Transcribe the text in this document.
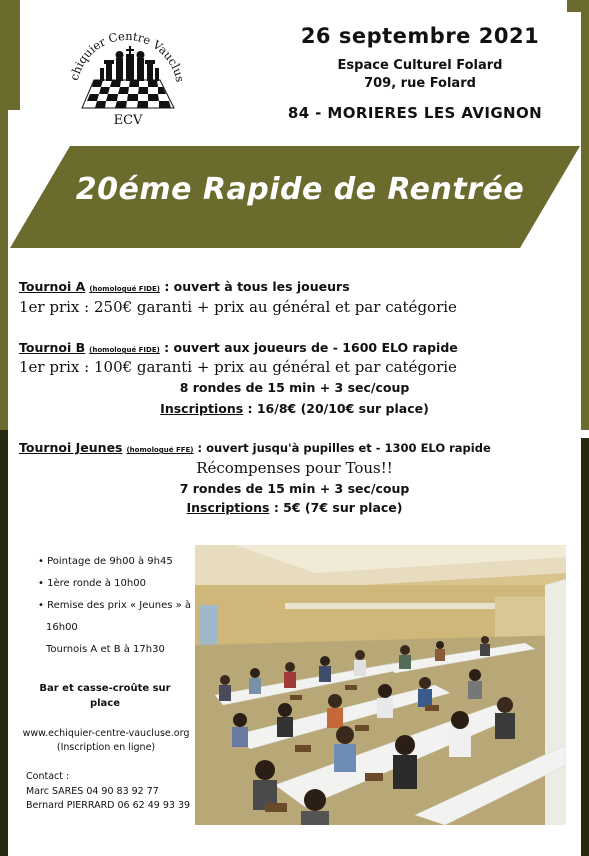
chiquier Centre Vauclus
ECV
26 septembre 2021
Espace Culturel Folard
709, rue Folard
84 - MORIERES LES AVIGNON
20éme Rapide de Rentrée
Tournoi A (homologué FIDE) : ouvert à tous les joueurs
1er prix : 250€ garanti + prix au général et par catégorie
Tournoi B (homologué FIDE) : ouvert aux joueurs de - 1600 ELO rapide
1er prix : 100€ garanti + prix au général et par catégorie
8 rondes de 15 min + 3 sec/coup
Inscriptions : 16/8€ (20/10€ sur place)
Tournoi Jeunes (homologué FFE) : ouvert jusqu'à pupilles et - 1300 ELO rapide
Récompenses pour Tous!!
7 rondes de 15 min + 3 sec/coup
Inscriptions : 5€ (7€ sur place)
• Pointage de 9h00 à 9h45
• 1ère ronde à 10h00
• Remise des prix « Jeunes » à
16h00
Tournois A et B à 17h30
Bar et casse-croûte sur
place
www.echiquier-centre-vaucluse.org
(Inscription en ligne)
Contact :
Marc SARES 04 90 83 92 77
Bernard PIERRARD 06 62 49 93 39
